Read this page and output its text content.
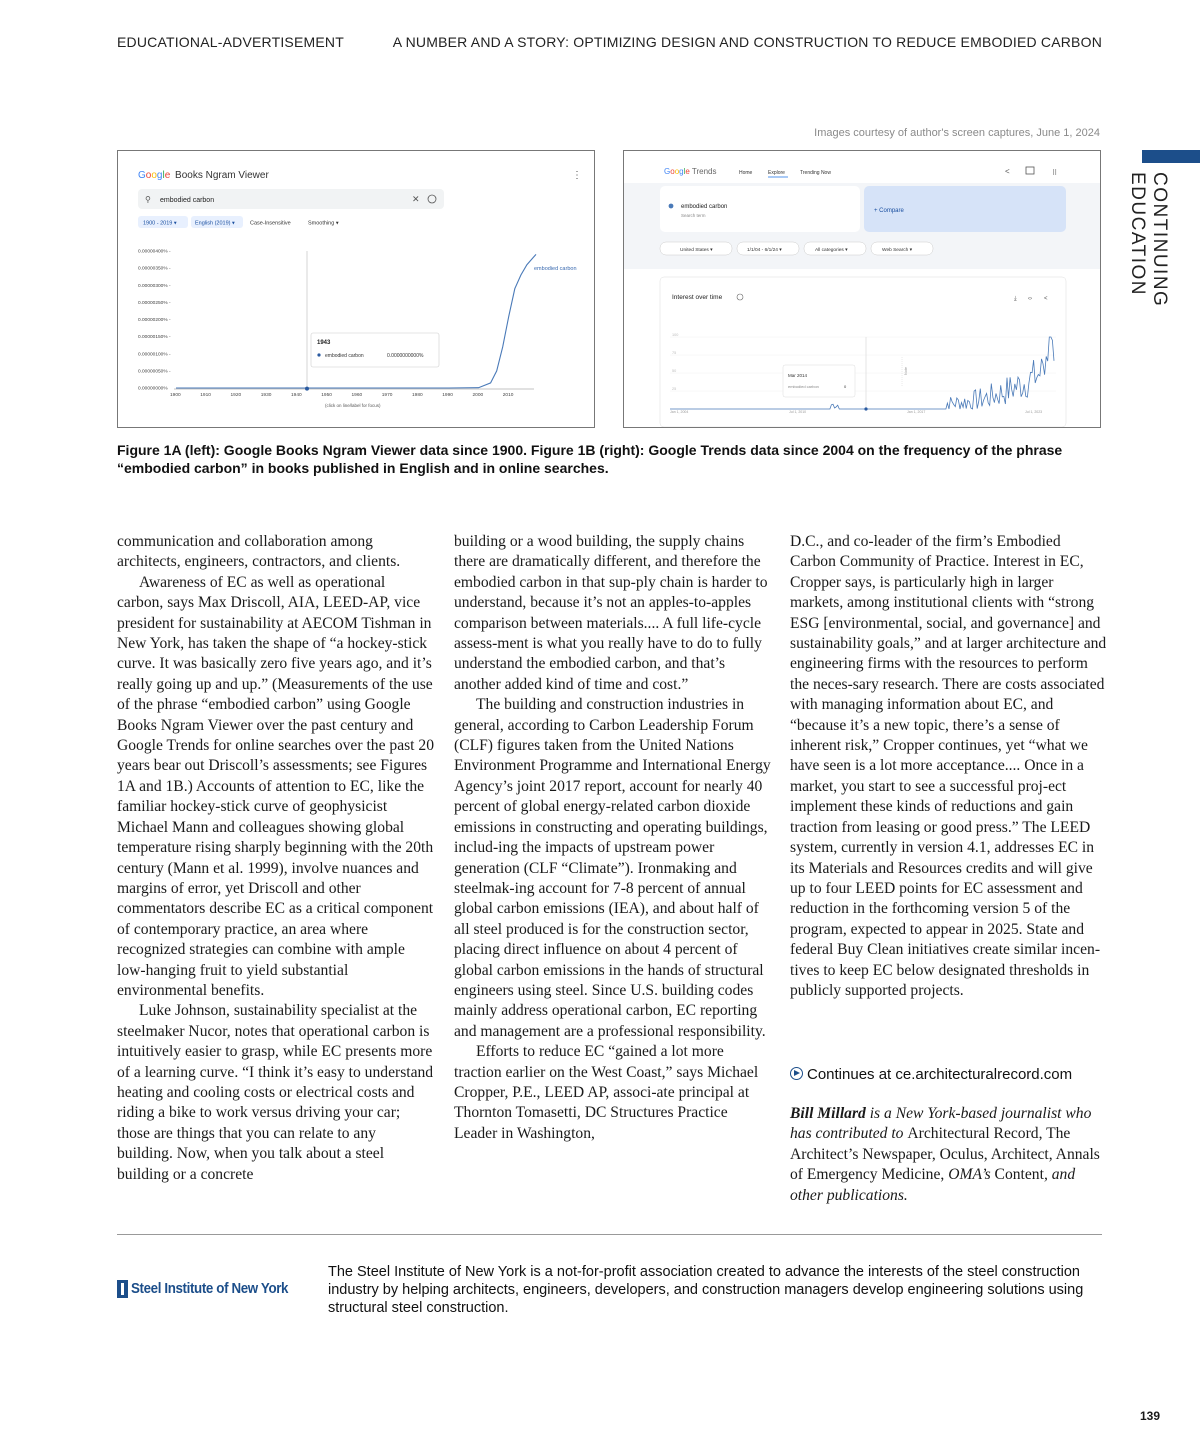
EDUCATIONAL-ADVERTISEMENT	A NUMBER AND A STORY: OPTIMIZING DESIGN AND CONSTRUCTION TO REDUCE EMBODIED CARBON
Images courtesy of author's screen captures, June 1, 2024
CONTINUING EDUCATION
Google Books Ngram Viewer	⋮
⚲ embodied carbon	✕
1900 - 2019 ▾	English (2019) ▾	Case-Insensitive	Smoothing ▾
0.00000400% -
0.00000350% -
0.00000300% -
0.00000250% -
0.00000200% -
0.00000150% -
0.00000100% -
0.00000050% -
0.00000000%
1900	1910	1920	1930	1940	1950	1960	1970	1980	1990	2000	2010
embodied carbon
1943
embodied carbon	0.0000000000%
(click on line/label for focus)
Google Trends	Home	Explore	Trending Now	<	⠿
embodied carbon
Search term
+ Compare
United States ▾	1/1/04 - 6/1/24 ▾	All categories ▾	Web Search ▾
Interest over time	⤓ ‹› <
100
75
50
25
Jan 1, 2004	Jul 1, 2010	Jan 1, 2017	Jul 1, 2023
Note
Mar 2014
embodied carbon	0
Figure 1A (left): Google Books Ngram Viewer data since 1900. Figure 1B (right): Google Trends data since 2004 on the frequency of the phrase “embodied carbon” in books published in English and in online searches.

communication and collaboration among architects, engineers, contractors, and clients.

Awareness of EC as well as operational carbon, says Max Driscoll, AIA, LEED-AP, vice president for sustainability at AECOM Tishman in New York, has taken the shape of “a hockey-stick curve. It was basically zero five years ago, and it’s really going up and up.” (Measurements of the use of the phrase “embodied carbon” using Google Books Ngram Viewer over the past century and Google Trends for online searches over the past 20 years bear out Driscoll’s assessments; see Figures 1A and 1B.) Accounts of attention to EC, like the familiar hockey-stick curve of geophysicist Michael Mann and colleagues showing global temperature rising sharply beginning with the 20th century (Mann et al. 1999), involve nuances and margins of error, yet Driscoll and other commentators describe EC as a critical component of contemporary practice, an area where recognized strategies can combine with ample low-hanging fruit to yield substantial environmental benefits.

Luke Johnson, sustainability specialist at the steelmaker Nucor, notes that operational carbon is intuitively easier to grasp, while EC presents more of a learning curve. “I think it’s easy to understand heating and cooling costs or electrical costs and riding a bike to work versus driving your car; those are things that you can relate to any building. Now, when you talk about a steel building or a concrete

building or a wood building, the supply chains there are dramatically different, and therefore the embodied carbon in that sup-ply chain is harder to understand, because it’s not an apples-to-apples comparison between materials.... A full life-cycle assess-ment is what you really have to do to fully understand the embodied carbon, and that’s another added kind of time and cost.”

The building and construction industries in general, according to Carbon Leadership Forum (CLF) figures taken from the United Nations Environment Programme and International Energy Agency’s joint 2017 report, account for nearly 40 percent of global energy-related carbon dioxide emissions in constructing and operating buildings, includ-ing the impacts of upstream power generation (CLF “Climate”). Ironmaking and steelmak-ing account for 7-8 percent of annual global carbon emissions (IEA), and about half of all steel produced is for the construction sector, placing direct influence on about 4 percent of global carbon emissions in the hands of structural engineers using steel. Since U.S. building codes mainly address operational carbon, EC reporting and management are a professional responsibility.

Efforts to reduce EC “gained a lot more traction earlier on the West Coast,” says Michael Cropper, P.E., LEED AP, associ-ate principal at Thornton Tomasetti, DC Structures Practice Leader in Washington,

D.C., and co-leader of the firm’s Embodied Carbon Community of Practice. Interest in EC, Cropper says, is particularly high in larger markets, among institutional clients with “strong ESG [environmental, social, and governance] and sustainability goals,” and at larger architecture and engineering firms with the resources to perform the neces-sary research. There are costs associated with managing information about EC, and “because it’s a new topic, there’s a sense of inherent risk,” Cropper continues, yet “what we have seen is a lot more acceptance.... Once in a market, you start to see a successful proj-ect implement these kinds of reductions and gain traction from leasing or good press.” The LEED system, currently in version 4.1, addresses EC in its Materials and Resources credits and will give up to four LEED points for EC assessment and reduction in the forthcoming version 5 of the program, expected to appear in 2025. State and federal Buy Clean initiatives create similar incen-tives to keep EC below designated thresholds in publicly supported projects.

Continues at ce.architecturalrecord.com
Bill Millard is a New York-based journalist who has contributed to Architectural Record, The Architect’s Newspaper, Oculus, Architect, Annals of Emergency Medicine, OMA’s Content, and other publications.
Steel Institute of New York
The Steel Institute of New York is a not-for-profit association created to advance the interests of the steel construction industry by helping architects, engineers, developers, and construction managers develop engineering solutions using structural steel construction.
139
